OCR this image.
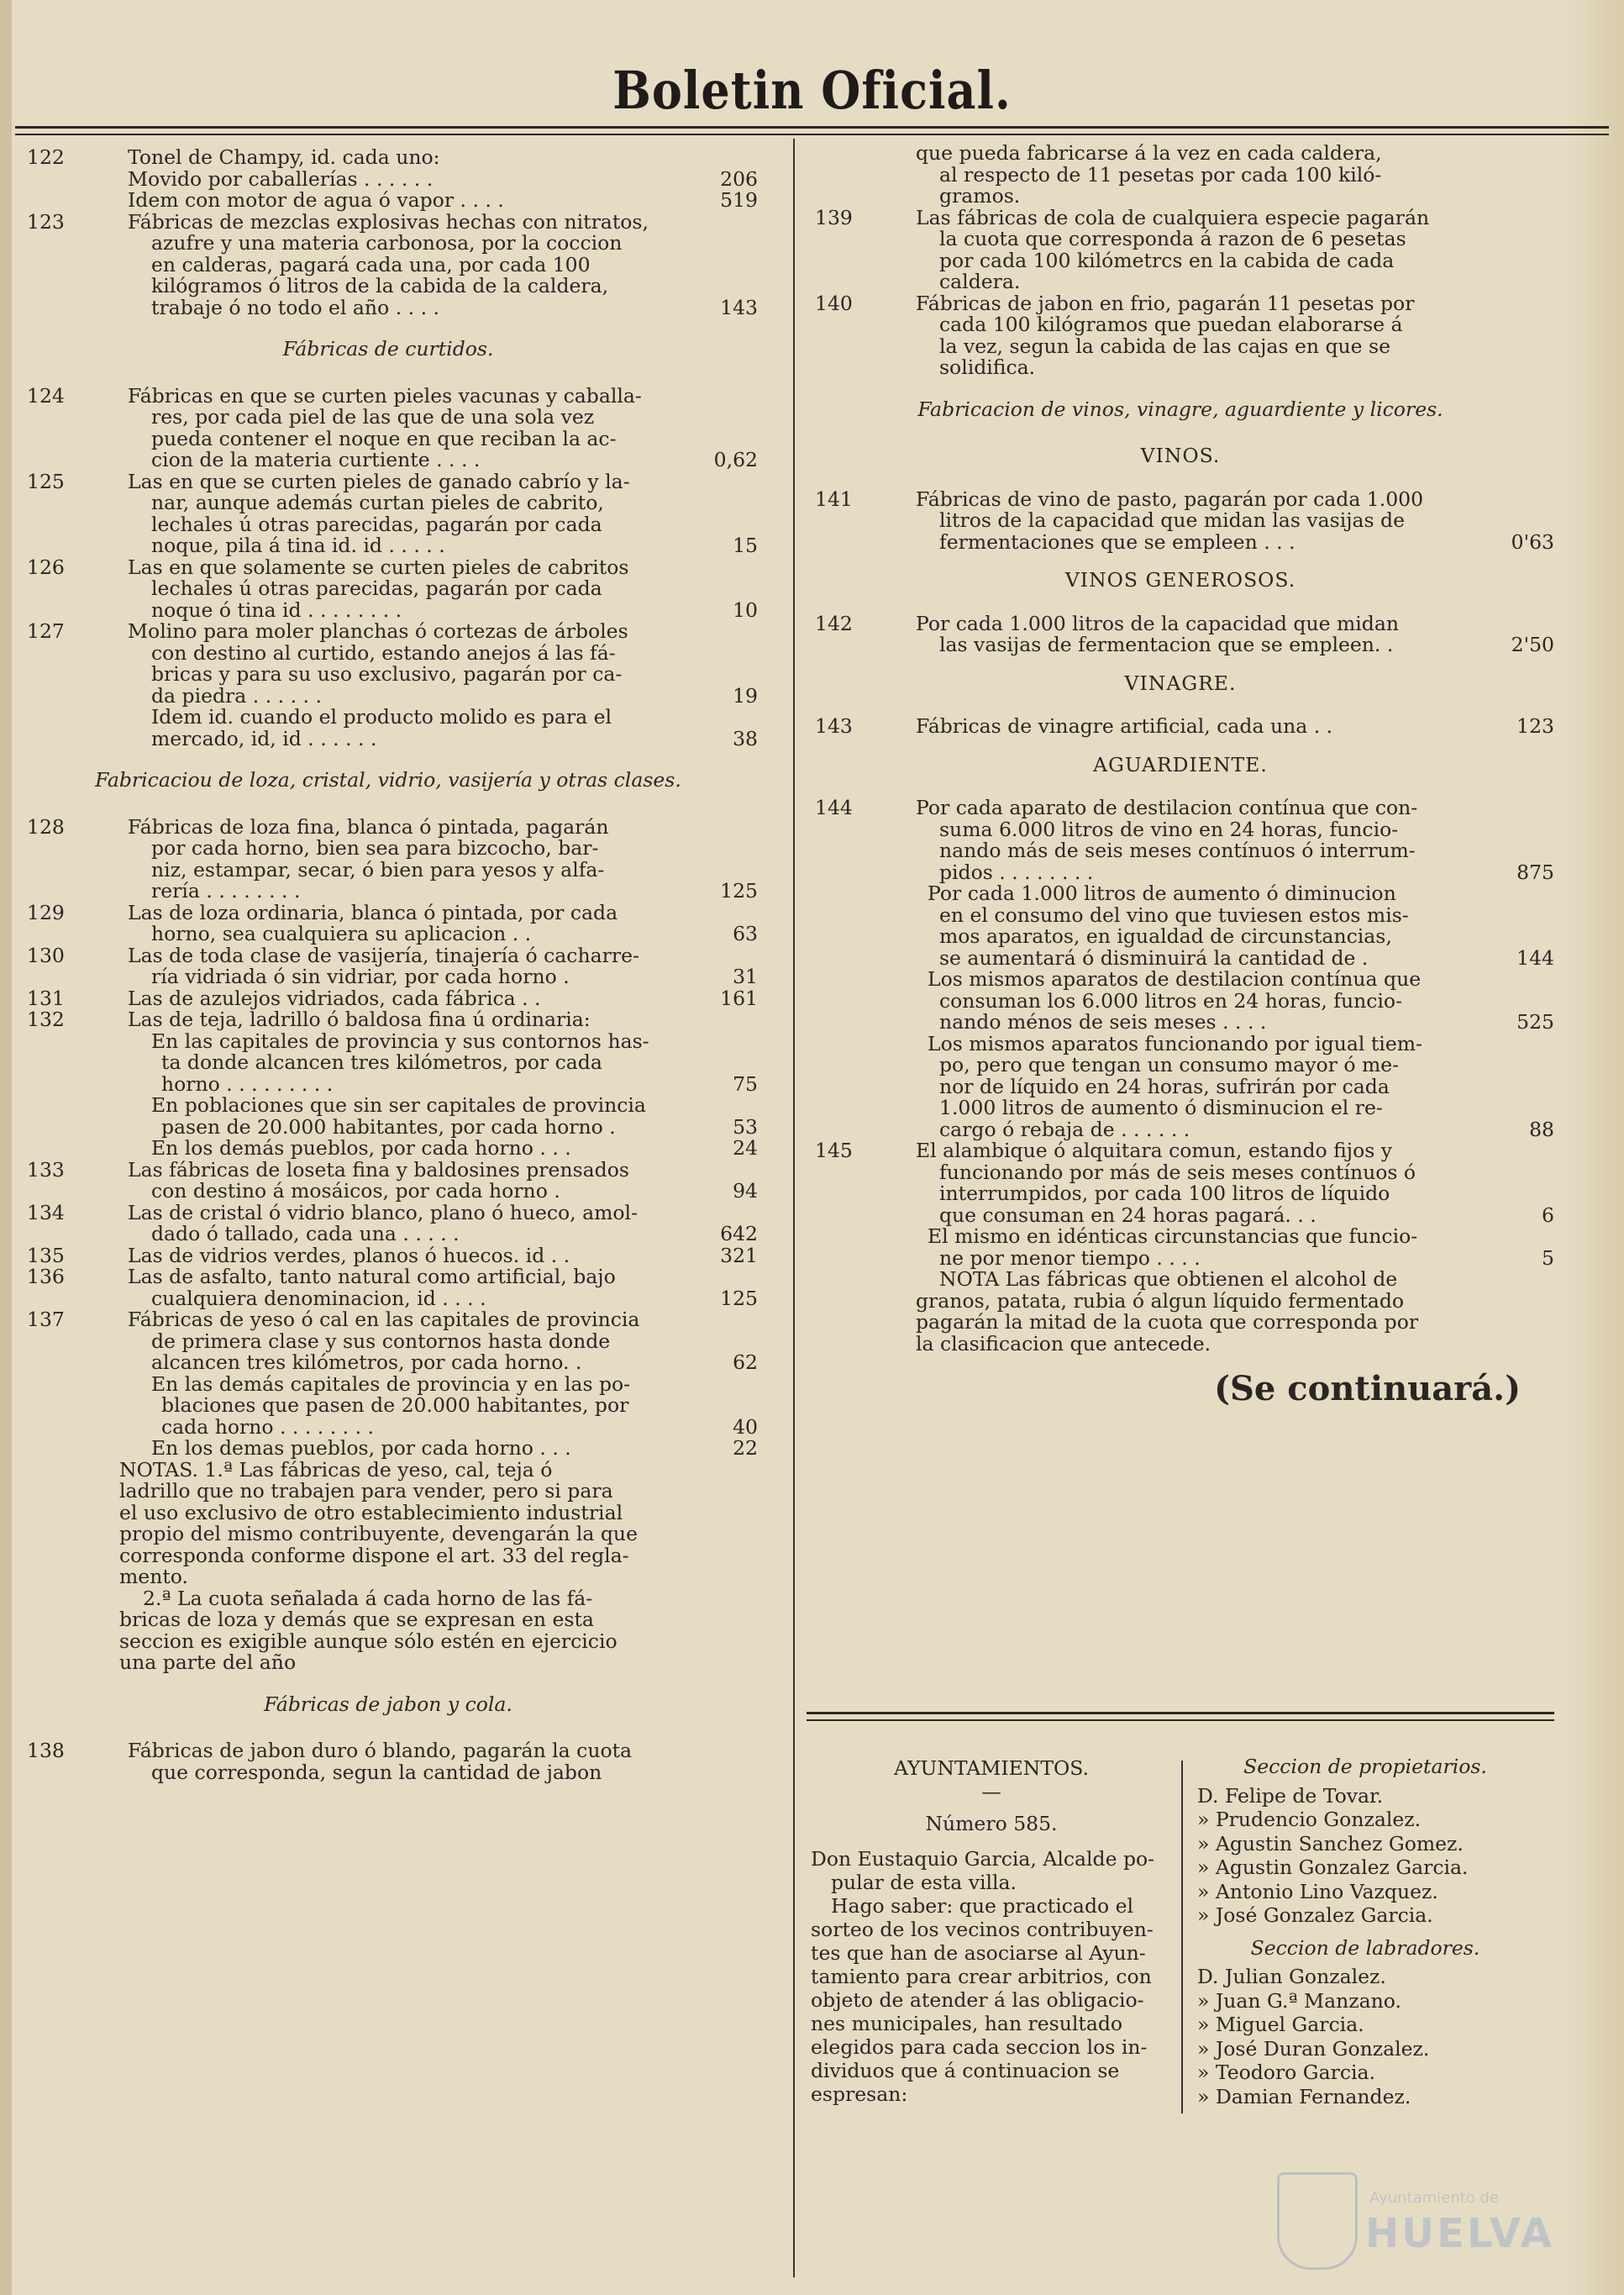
Boletin Oficial.
122	Tonel de Champy, id. cada uno:
Movido por caballerías . . . . . .	206
Idem con motor de agua ó vapor . . . .	519
123	Fábricas de mezclas explosivas hechas con nitratos,
azufre y una materia carbonosa, por la coccion
en calderas, pagará cada una, por cada 100
kilógramos ó litros de la cabida de la caldera,
trabaje ó no todo el año . . . .	143
Fábricas de curtidos.
124	Fábricas en que se curten pieles vacunas y caballa-
res, por cada piel de las que de una sola vez
pueda contener el noque en que reciban la ac-
cion de la materia curtiente . . . .	0,62
125	Las en que se curten pieles de ganado cabrío y la-
nar, aunque además curtan pieles de cabrito,
lechales ú otras parecidas, pagarán por cada
noque, pila á tina id. id . . . . .	15
126	Las en que solamente se curten pieles de cabritos
lechales ú otras parecidas, pagarán por cada
noque ó tina id . . . . . . . .	10
127	Molino para moler planchas ó cortezas de árboles
con destino al curtido, estando anejos á las fá-
bricas y para su uso exclusivo, pagarán por ca-
da piedra . . . . . .	19
Idem id. cuando el producto molido es para el
mercado, id, id . . . . . .	38
Fabricaciou de loza, cristal, vidrio, vasijería y otras clases.
128	Fábricas de loza fina, blanca ó pintada, pagarán
por cada horno, bien sea para bizcocho, bar-
niz, estampar, secar, ó bien para yesos y alfa-
rería . . . . . . . .	125
129	Las de loza ordinaria, blanca ó pintada, por cada
horno, sea cualquiera su aplicacion . .	63
130	Las de toda clase de vasijería, tinajería ó cacharre-
ría vidriada ó sin vidriar, por cada horno .	31
131	Las de azulejos vidriados, cada fábrica . .	161
132	Las de teja, ladrillo ó baldosa fina ú ordinaria:
En las capitales de provincia y sus contornos has-
ta donde alcancen tres kilómetros, por cada
horno . . . . . . . . .	75
En poblaciones que sin ser capitales de provincia
pasen de 20.000 habitantes, por cada horno .	53
En los demás pueblos, por cada horno . . .	24
133	Las fábricas de loseta fina y baldosines prensados
con destino á mosáicos, por cada horno .	94
134	Las de cristal ó vidrio blanco, plano ó hueco, amol-
dado ó tallado, cada una . . . . .	642
135	Las de vidrios verdes, planos ó huecos. id . .	321
136	Las de asfalto, tanto natural como artificial, bajo
cualquiera denominacion, id . . . .	125
137	Fábricas de yeso ó cal en las capitales de provincia
de primera clase y sus contornos hasta donde
alcancen tres kilómetros, por cada horno. .	62
En las demás capitales de provincia y en las po-
blaciones que pasen de 20.000 habitantes, por
cada horno . . . . . . . .	40
En los demas pueblos, por cada horno . . .	22
NOTAS. 1.ª Las fábricas de yeso, cal, teja ó
ladrillo que no trabajen para vender, pero si para
el uso exclusivo de otro establecimiento industrial
propio del mismo contribuyente, devengarán la que
corresponda conforme dispone el art. 33 del regla-
mento.
2.ª La cuota señalada á cada horno de las fá-
bricas de loza y demás que se expresan en esta
seccion es exigible aunque sólo estén en ejercicio
una parte del año
Fábricas de jabon y cola.
138	Fábricas de jabon duro ó blando, pagarán la cuota
que corresponda, segun la cantidad de jabon
que pueda fabricarse á la vez en cada caldera,
al respecto de 11 pesetas por cada 100 kiló-
gramos.
139	Las fábricas de cola de cualquiera especie pagarán
la cuota que corresponda á razon de 6 pesetas
por cada 100 kilómetrcs en la cabida de cada
caldera.
140	Fábricas de jabon en frio, pagarán 11 pesetas por
cada 100 kilógramos que puedan elaborarse á
la vez, segun la cabida de las cajas en que se
solidifica.
Fabricacion de vinos, vinagre, aguardiente y licores.
VINOS.
141	Fábricas de vino de pasto, pagarán por cada 1.000
litros de la capacidad que midan las vasijas de
fermentaciones que se empleen . . .	0'63
VINOS GENEROSOS.
142	Por cada 1.000 litros de la capacidad que midan
las vasijas de fermentacion que se empleen. .	2'50
VINAGRE.
143	Fábricas de vinagre artificial, cada una . .	123
AGUARDIENTE.
144	Por cada aparato de destilacion contínua que con-
suma 6.000 litros de vino en 24 horas, funcio-
nando más de seis meses contínuos ó interrum-
pidos . . . . . . . .	875
Por cada 1.000 litros de aumento ó diminucion
en el consumo del vino que tuviesen estos mis-
mos aparatos, en igualdad de circunstancias,
se aumentará ó disminuirá la cantidad de .	144
Los mismos aparatos de destilacion contínua que
consuman los 6.000 litros en 24 horas, funcio-
nando ménos de seis meses . . . .	525
Los mismos aparatos funcionando por igual tiem-
po, pero que tengan un consumo mayor ó me-
nor de líquido en 24 horas, sufrirán por cada
1.000 litros de aumento ó disminucion el re-
cargo ó rebaja de . . . . . .	88
145	El alambique ó alquitara comun, estando fijos y
funcionando por más de seis meses contínuos ó
interrumpidos, por cada 100 litros de líquido
que consuman en 24 horas pagará. . .	6
El mismo en idénticas circunstancias que funcio-
ne por menor tiempo . . . .	5
NOTA Las fábricas que obtienen el alcohol de
granos, patata, rubia ó algun líquido fermentado
pagarán la mitad de la cuota que corresponda por
la clasificacion que antecede.
(Se continuará.)
AYUNTAMIENTOS.
—
Número 585.
Don Eustaquio Garcia, Alcalde po-
pular de esta villa.
Hago saber: que practicado el
sorteo de los vecinos contribuyen-
tes que han de asociarse al Ayun-
tamiento para crear arbitrios, con
objeto de atender á las obligacio-
nes municipales, han resultado
elegidos para cada seccion los in-
dividuos que á continuacion se
espresan:
Seccion de propietarios.
D. Felipe de Tovar.
» Prudencio Gonzalez.
» Agustin Sanchez Gomez.
» Agustin Gonzalez Garcia.
» Antonio Lino Vazquez.
» José Gonzalez Garcia.
Seccion de labradores.
D. Julian Gonzalez.
» Juan G.ª Manzano.
» Miguel Garcia.
» José Duran Gonzalez.
» Teodoro Garcia.
» Damian Fernandez.
Ayuntamiento de
HUELVA
